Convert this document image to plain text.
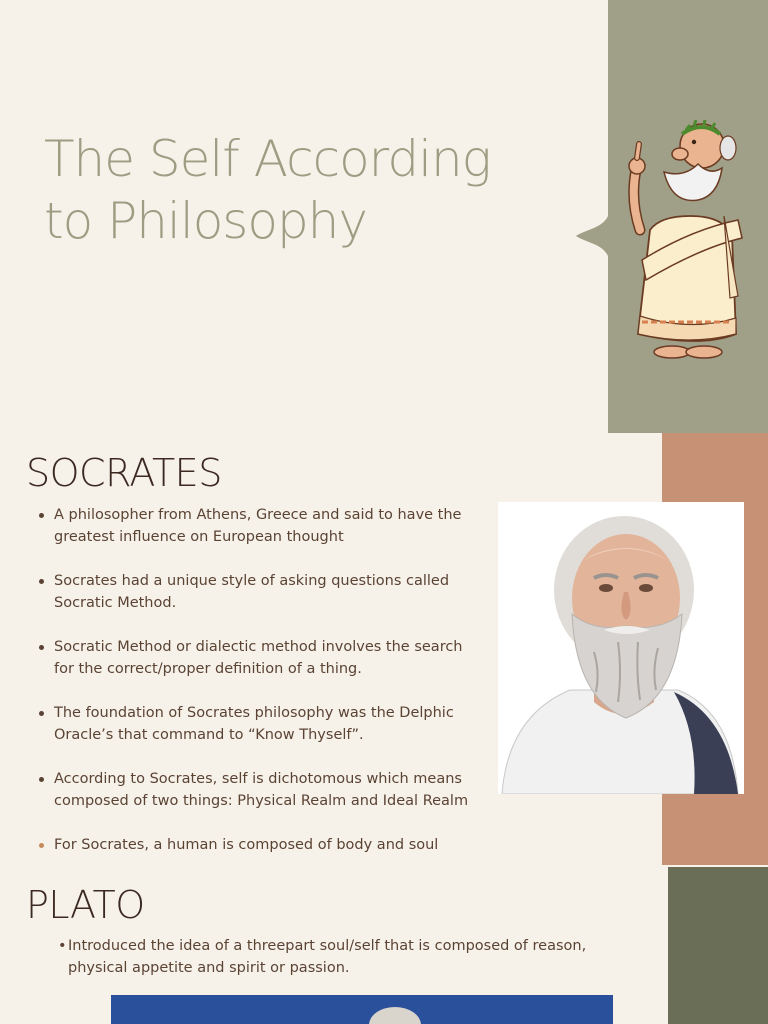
The Self According
to Philosophy
SOCRATES
A philosopher from Athens, Greece and said to have the greatest influence on European thought
Socrates had a unique style of asking questions called Socratic Method.
Socratic Method or dialectic method involves the search for the correct/proper definition of a thing.
The foundation of Socrates philosophy was the Delphic Oracle’s that command to “Know Thyself”.
According to Socrates, self is dichotomous which means composed of two things: Physical Realm and Ideal Realm
For Socrates, a human is composed of body and soul
PLATO
• Introduced the idea of a threepart soul/self that is composed of reason, physical appetite and spirit or passion.
